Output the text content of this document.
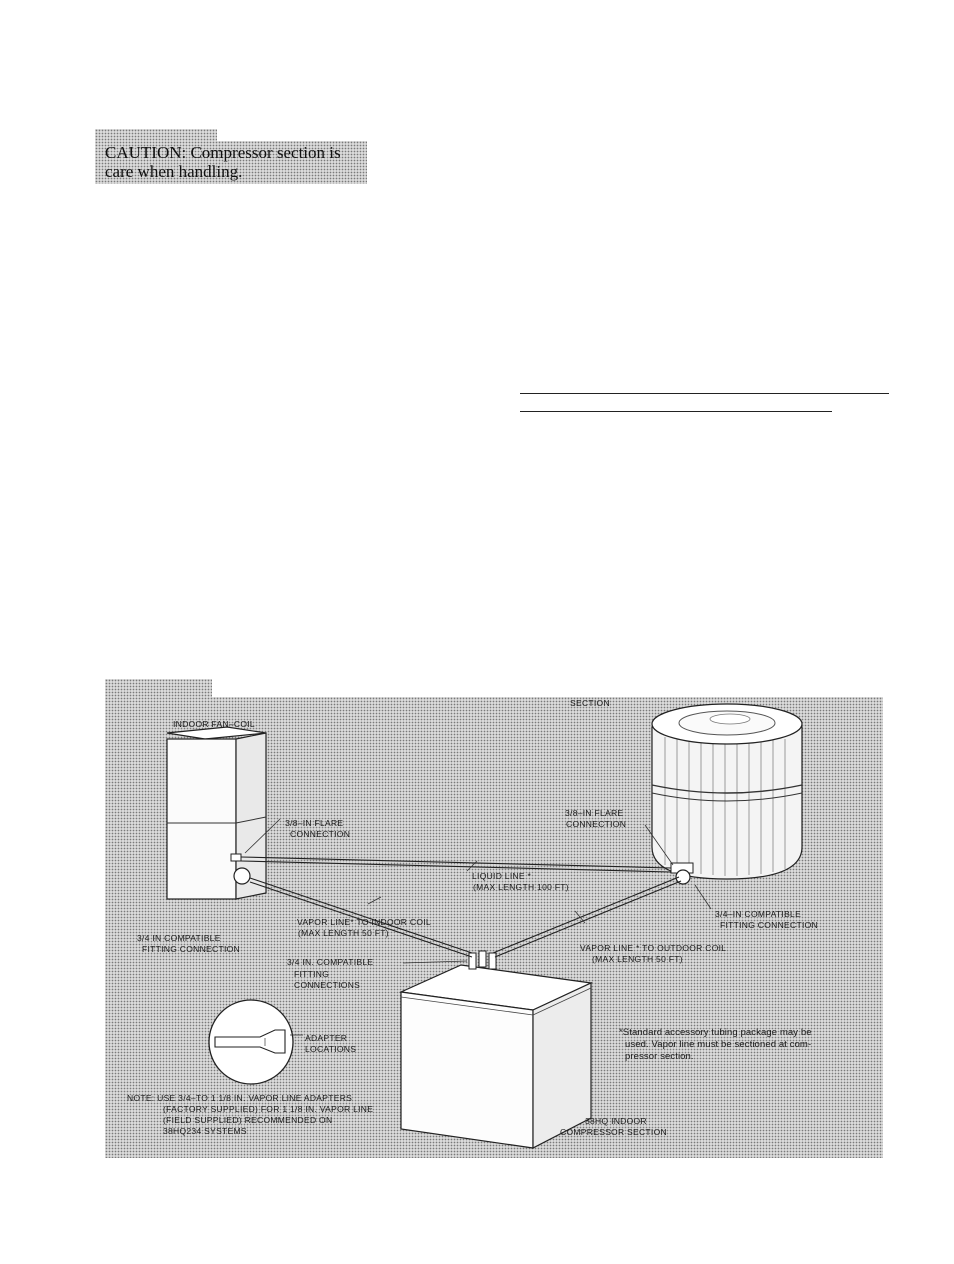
CAUTION: Compressor section is
care when handling.
SECTION
INDOOR FAN–COIL
3/8–IN FLARE
CONNECTION
3/8–IN FLARE
CONNECTION
LIQUID LINE *
(MAX LENGTH 100 FT)
VAPOR LINE* TO INDOOR COIL
(MAX LENGTH 50 FT)
3/4 IN COMPATIBLE
FITTING CONNECTION
3/4 IN. COMPATIBLE
FITTING
CONNECTIONS
3/4–IN COMPATIBLE
FITTING CONNECTION
VAPOR LINE * TO OUTDOOR COIL
(MAX LENGTH 50 FT)
ADAPTER
LOCATIONS
NOTE: USE 3/4–TO 1 1/8 IN. VAPOR LINE ADAPTERS
(FACTORY SUPPLIED) FOR 1 1/8 IN. VAPOR LINE
(FIELD SUPPLIED) RECOMMENDED ON
38HQ234 SYSTEMS
*Standard accessory tubing package may be
used. Vapor line must be sectioned at com-
pressor section.
38HQ INDOOR
COMPRESSOR SECTION
